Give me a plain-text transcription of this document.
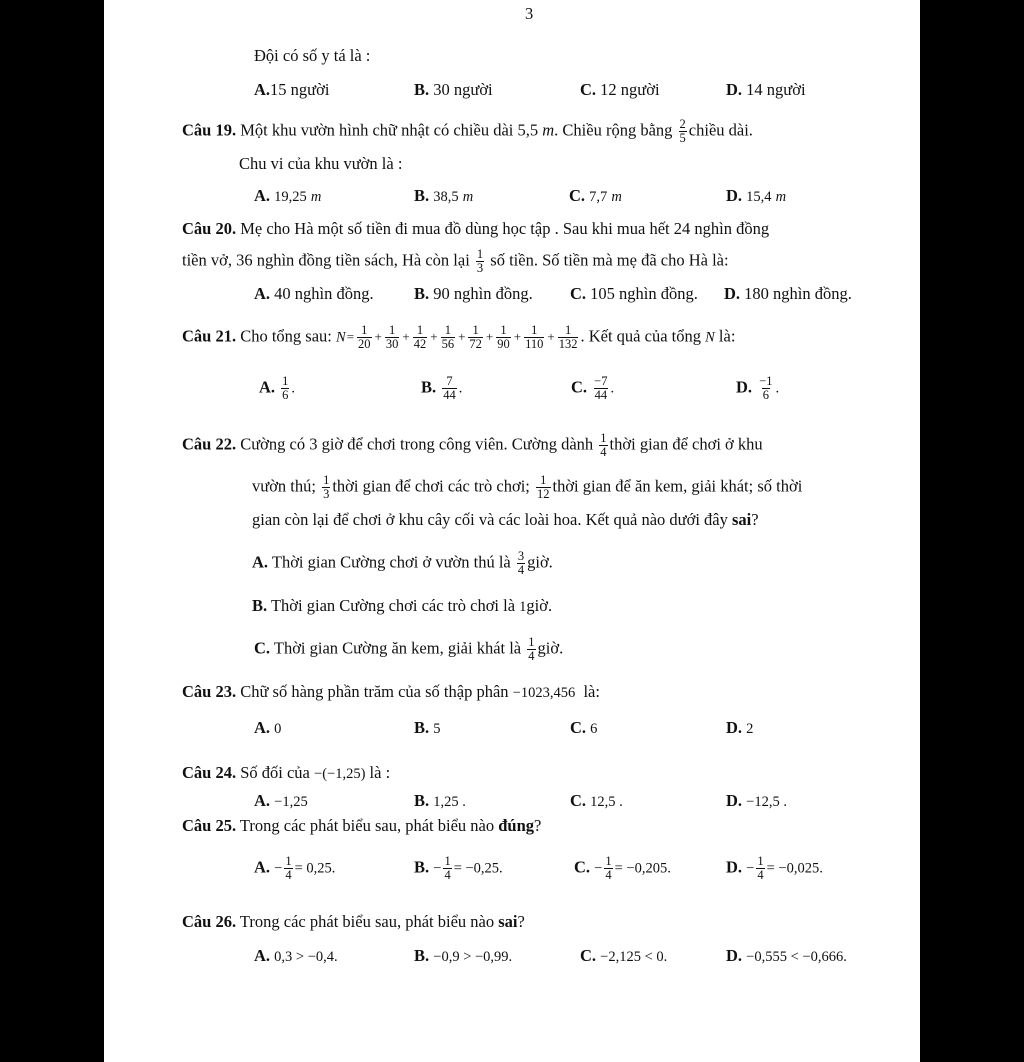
3
Đội có số y tá là :
A.15 người	B. 30 người	C. 12 người	D. 14 người
Câu 19. Một khu vườn hình chữ nhật có chiều dài 5,5 m. Chiều rộng bằng $\frac{2}{5}$ chiều dài.
Chu vi của khu vườn là :
A. 19,25 m	B. 38,5 m	C. 7,7 m	D. 15,4 m
Câu 20. Mẹ cho Hà một số tiền đi mua đồ dùng học tập . Sau khi mua hết 24 nghìn đồng
tiền vở, 36 nghìn đồng tiền sách, Hà còn lại $\frac{1}{3}$ số tiền. Số tiền mà mẹ đã cho Hà là:
A. 40 nghìn đồng. B. 90 nghìn đồng. C. 105 nghìn đồng. D. 180 nghìn đồng.
Câu 21. Cho tổng sau: $N= \frac{1}{20} + \frac{1}{30} + \frac{1}{42} + \frac{1}{56} + \frac{1}{72} + \frac{1}{90} + \frac{1}{110} + \frac{1}{132}$ . Kết quả của tổng N là:
A. $\frac{1}{6}$ .	B. $\frac{7}{44}$ .	C. $\frac{-7}{44}$ .	D. $\frac{-1}{6}$ .
Câu 22. Cường có 3 giờ để chơi trong công viên. Cường dành $\frac{1}{4}$ thời gian để chơi ở khu
vườn thú; $\frac{1}{3}$ thời gian để chơi các trò chơi; $\frac{1}{12}$ thời gian để ăn kem, giải khát; số thời
gian còn lại để chơi ở khu cây cối và các loài hoa. Kết quả nào dưới đây sai?
A. Thời gian Cường chơi ở vườn thú là $\frac{3}{4}$ giờ.
B. Thời gian Cường chơi các trò chơi là 1giờ.
C. Thời gian Cường ăn kem, giải khát là $\frac{1}{4}$ giờ.
Câu 23. Chữ số hàng phần trăm của số thập phân −1023,456 là:
A. 0	B. 5	C. 6	D. 2
Câu 24. Số đối của −(−1,25) là :
A. −1,25	B. 1,25 .	C. 12,5 .	D. −12,5 .
Câu 25. Trong các phát biểu sau, phát biểu nào đúng?
A. − $\frac{1}{4} = 0,25$.	B. − $\frac{1}{4} = -0,25$.	C. − $\frac{1}{4} = -0,205$.	D. − $\frac{1}{4} = -0,025$.
Câu 26. Trong các phát biểu sau, phát biểu nào sai?
A. 0,3 > −0,4.	B. −0,9 > −0,99.	C. −2,125 < 0.	D. −0,555 < −0,666.
